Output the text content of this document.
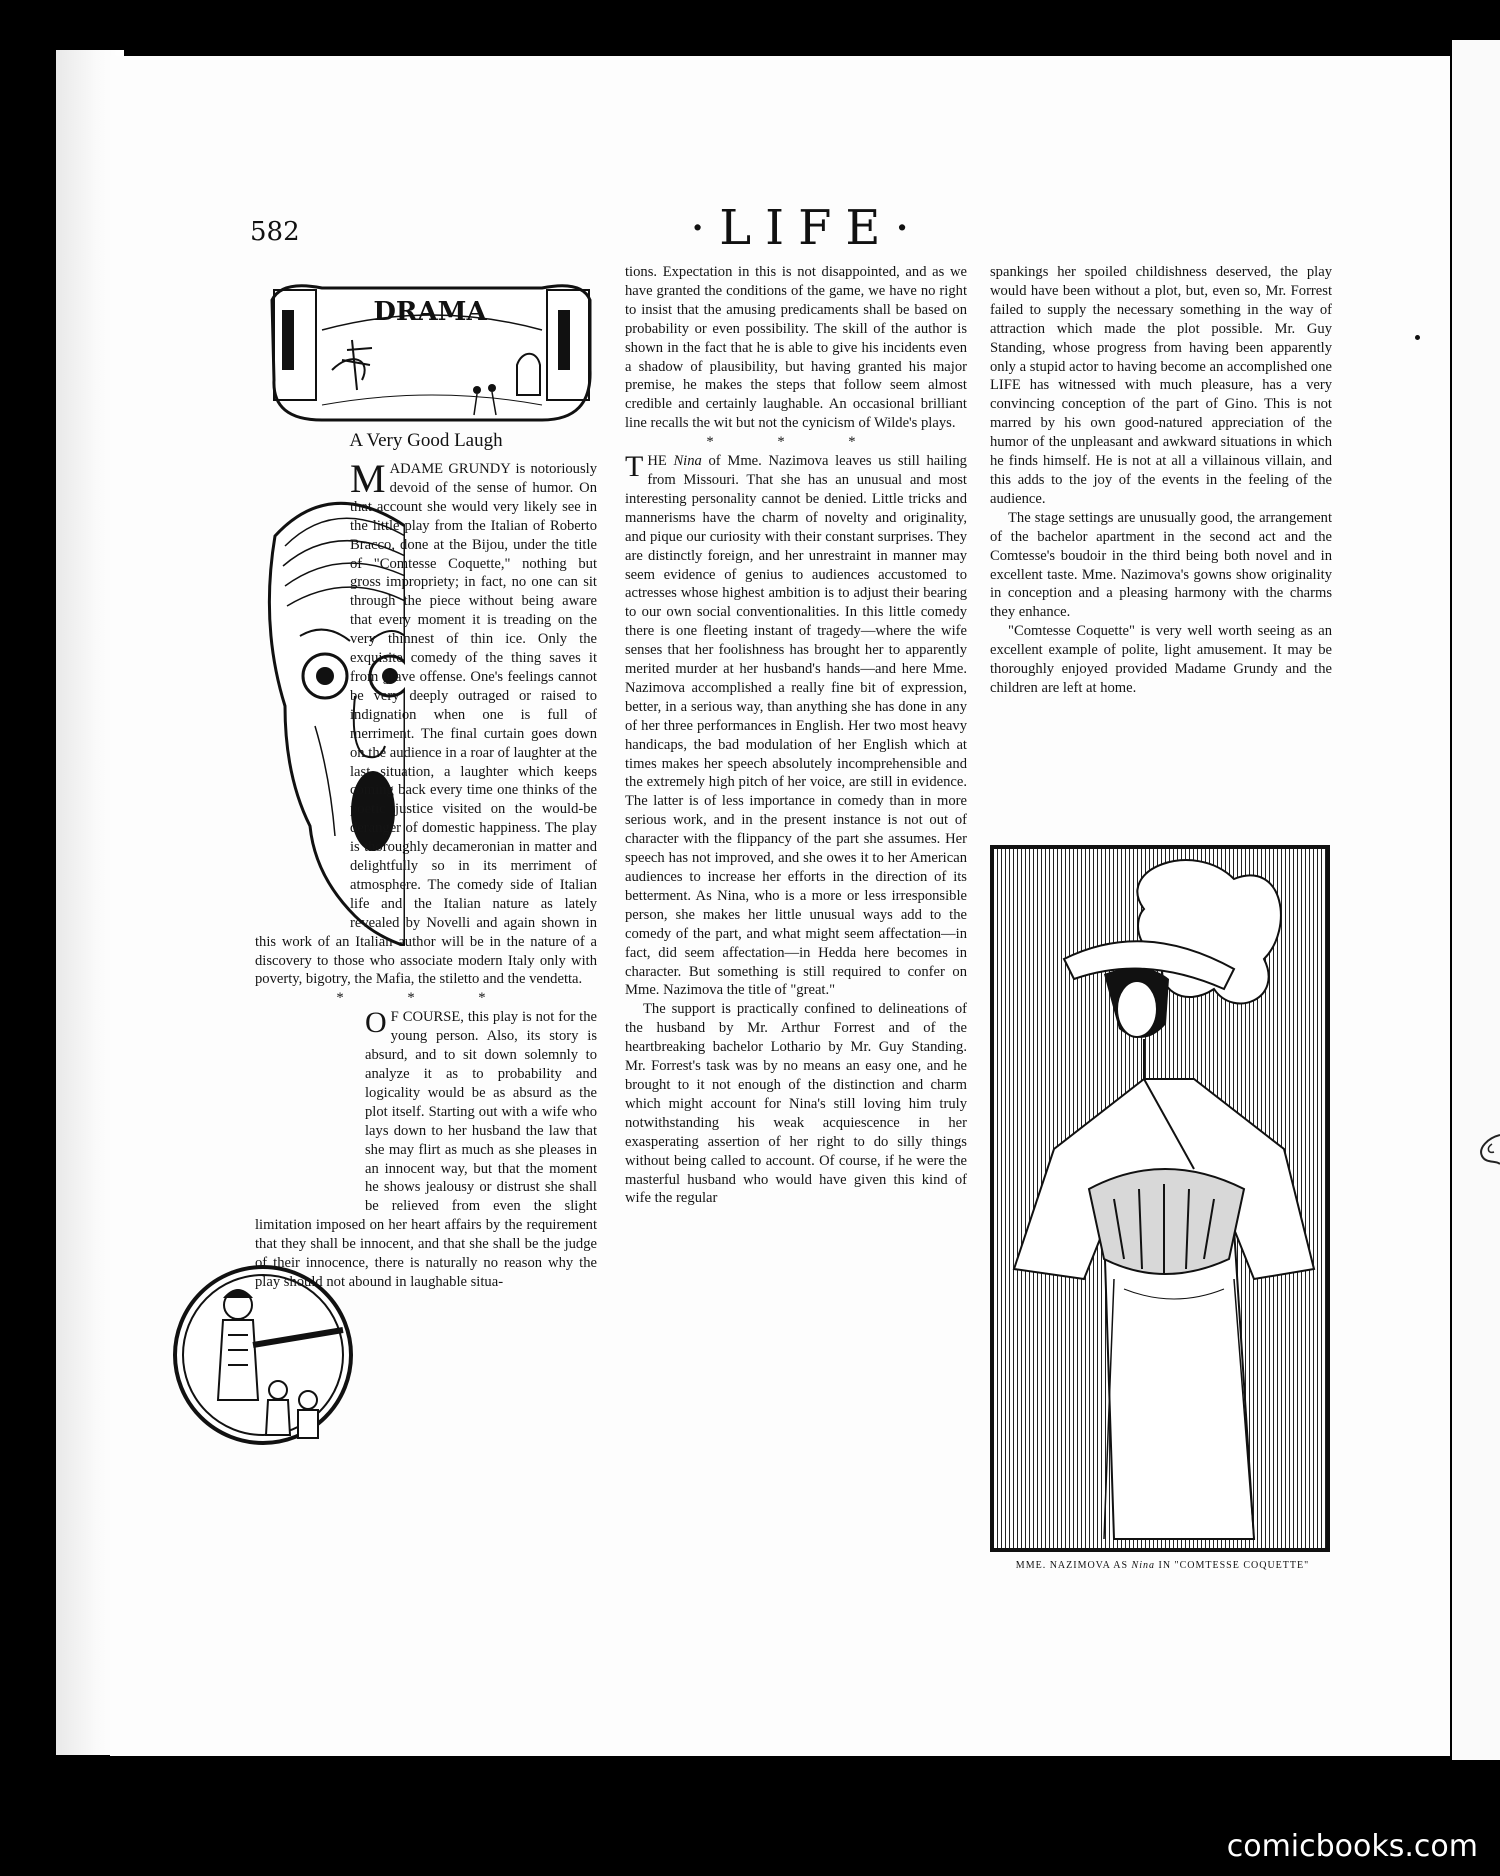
582	·LIFE·
DRAMA
A Very Good Laugh

MADAME GRUNDY is notoriously devoid of the sense of humor. On that account she would very likely see in the little play from the Italian of Roberto Bracco, done at the Bijou, under the title of "Comtesse Coquette," nothing but gross impropriety; in fact, no one can sit through the piece without being aware that every moment it is treading on the very thinnest of thin ice. Only the exquisite comedy of the thing saves it from grave offense. One's feelings cannot be very deeply outraged or raised to indignation when one is full of merriment. The final curtain goes down on the audience in a roar of laughter at the last situation, a laughter which keeps coming back every time one thinks of the poetic justice visited on the would-be deranger of domestic happiness. The play is thoroughly decameronian in matter and delightfully so in its merriment of atmosphere. The comedy side of Italian life and the Italian nature as lately revealed by Novelli and again shown in this work of an Italian author will be in the nature of a discovery to those who associate modern Italy only with poverty, bigotry, the Mafia, the stiletto and the vendetta.

* * *

O F COURSE, this play is not for the young person. Also, its story is absurd, and to sit down solemnly to analyze it as to probability and logicality would be as absurd as the plot itself. Starting out with a wife who lays down to her husband the law that she may flirt as much as she pleases in an innocent way, but that the moment he shows jealousy or distrust she shall be relieved from even the slight limitation imposed on her heart affairs by the requirement that they shall be innocent, and that she shall be the judge of their innocence, there is naturally no reason why the play should not abound in laughable situa-

tions. Expectation in this is not disappointed, and as we have granted the conditions of the game, we have no right to insist that the amusing predicaments shall be based on probability or even possibility. The skill of the author is shown in the fact that he is able to give his incidents even a shadow of plausibility, but having granted his major premise, he makes the steps that follow seem almost credible and certainly laughable. An occasional brilliant line recalls the wit but not the cynicism of Wilde's plays.

* * *

THE Nina of Mme. Nazimova leaves us still hailing from Missouri. That she has an unusual and most interesting personality cannot be denied. Little tricks and mannerisms have the charm of novelty and originality, and pique our curiosity with their constant surprises. They are distinctly foreign, and her unrestraint in manner may seem evidence of genius to audiences accustomed to actresses whose highest ambition is to adjust their bearing to our own social conventionalities. In this little comedy there is one fleeting instant of tragedy—where the wife senses that her foolishness has brought her to apparently merited murder at her husband's hands—and here Mme. Nazimova accomplished a really fine bit of expression, better, in a serious way, than anything she has done in any of her three performances in English. Her two most heavy handicaps, the bad modulation of her English which at times makes her speech absolutely incomprehensible and the extremely high pitch of her voice, are still in evidence. The latter is of less importance in comedy than in more serious work, and in the present instance is not out of character with the flippancy of the part she assumes. Her speech has not improved, and she owes it to her American audiences to increase her efforts in the direction of its betterment. As Nina, who is a more or less irresponsible person, she makes her little unusual ways add to the comedy of the part, and what might seem affectation—in fact, did seem affectation—in Hedda here becomes in character. But something is still required to confer on Mme. Nazimova the title of "great."

The support is practically confined to delineations of the husband by Mr. Arthur Forrest and of the heartbreaking bachelor Lothario by Mr. Guy Standing. Mr. Forrest's task was by no means an easy one, and he brought to it not enough of the distinction and charm which might account for Nina's still loving him truly notwithstanding his weak acquiescence in her exasperating assertion of her right to do silly things without being called to account. Of course, if he were the masterful husband who would have given this kind of wife the regular

spankings her spoiled childishness deserved, the play would have been without a plot, but, even so, Mr. Forrest failed to supply the necessary something in the way of attraction which made the plot possible. Mr. Guy Standing, whose progress from having been apparently only a stupid actor to having become an accomplished one LIFE has witnessed with much pleasure, has a very convincing conception of the part of Gino. This is not marred by his own good-natured appreciation of the humor of the unpleasant and awkward situations in which he finds himself. He is not at all a villainous villain, and this adds to the joy of the events in the feeling of the audience.

The stage settings are unusually good, the arrangement of the bachelor apartment in the second act and the Comtesse's boudoir in the third being both novel and in excellent taste. Mme. Nazimova's gowns show originality in conception and a pleasing harmony with the charms they enhance.

"Comtesse Coquette" is very well worth seeing as an excellent example of polite, light amusement. It may be thoroughly enjoyed provided Madame Grundy and the children are left at home.

MME. NAZIMOVA AS Nina IN "COMTESSE COQUETTE"
comicbooks.com
